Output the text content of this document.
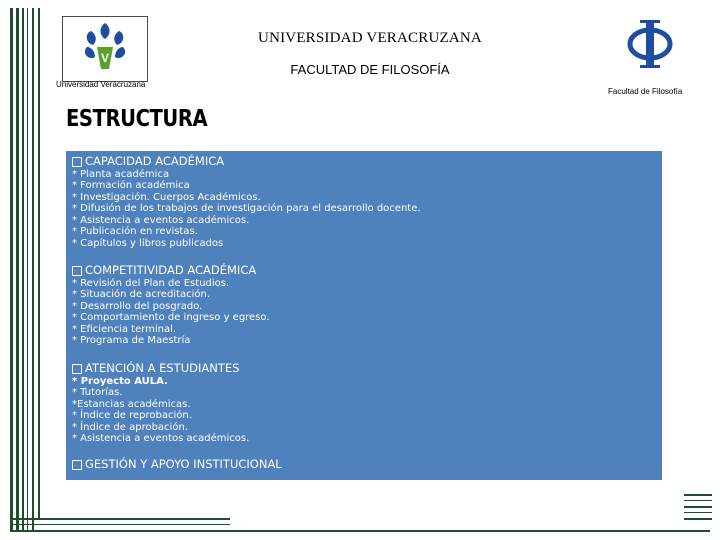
V
Universidad Veracruzana
UNIVERSIDAD VERACRUZANA
FACULTAD DE FILOSOFÍA
Facultad de Filosofía
ESTRUCTURA
CAPACIDAD ACADÉMICA
* Planta académica
* Formación académica
* Investigación. Cuerpos Académicos.
* Difusión de los trabajos de investigación para el desarrollo docente.
* Asistencia a eventos académicos.
* Publicación en revistas.
* Capítulos y libros publicados
COMPETITIVIDAD ACADÉMICA
* Revisión del Plan de Estudios.
* Situación de acreditación.
* Desarrollo del posgrado.
* Comportamiento de ingreso y egreso.
* Eficiencia terminal.
* Programa de Maestría
ATENCIÓN A ESTUDIANTES
* Proyecto AULA.
* Tutorías.
*Estancias académicas.
* Índice de reprobación.
* Índice de aprobación.
* Asistencia a eventos académicos.
GESTIÓN Y APOYO INSTITUCIONAL
